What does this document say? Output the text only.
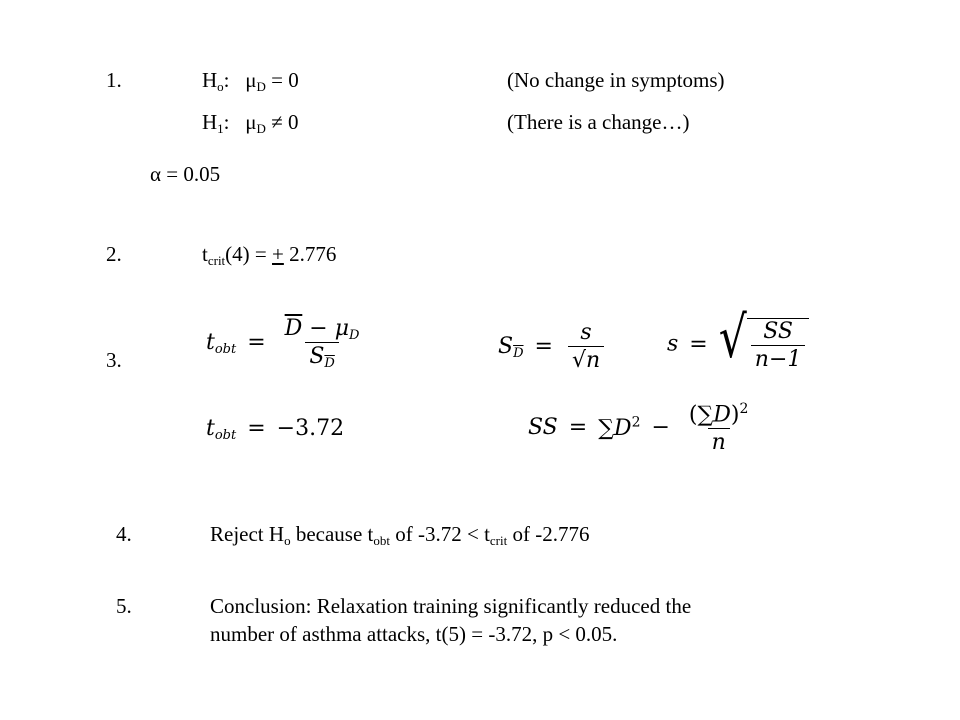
1.	$H_o$:   $\mu_D = 0$	(No change in symptoms)
$H_1$:   $\mu_D \ne 0$	(There is a change…)
α = 0.05
2.	$t_{crit}(4)$ = + 2.776
3.
$t_{obt} = \frac{\overline{D} - \mu_D}{S_{\overline{D}}}$	$S_{\overline{D}} = \frac{s}{√n}$	s = √ $\frac{SS}{n-1}$
$t_{obt} = -3.72$	SS = $\sum D^2 - \frac{(\sum D)^2}{n}$
4.	Reject $H_o$ because $t_{obt}$ of $-3.72 < t_{crit}$ of -2.776
5.	Conclusion: Relaxation training significantly reduced the
number of asthma attacks, t(5) = -3.72, p < 0.05.
